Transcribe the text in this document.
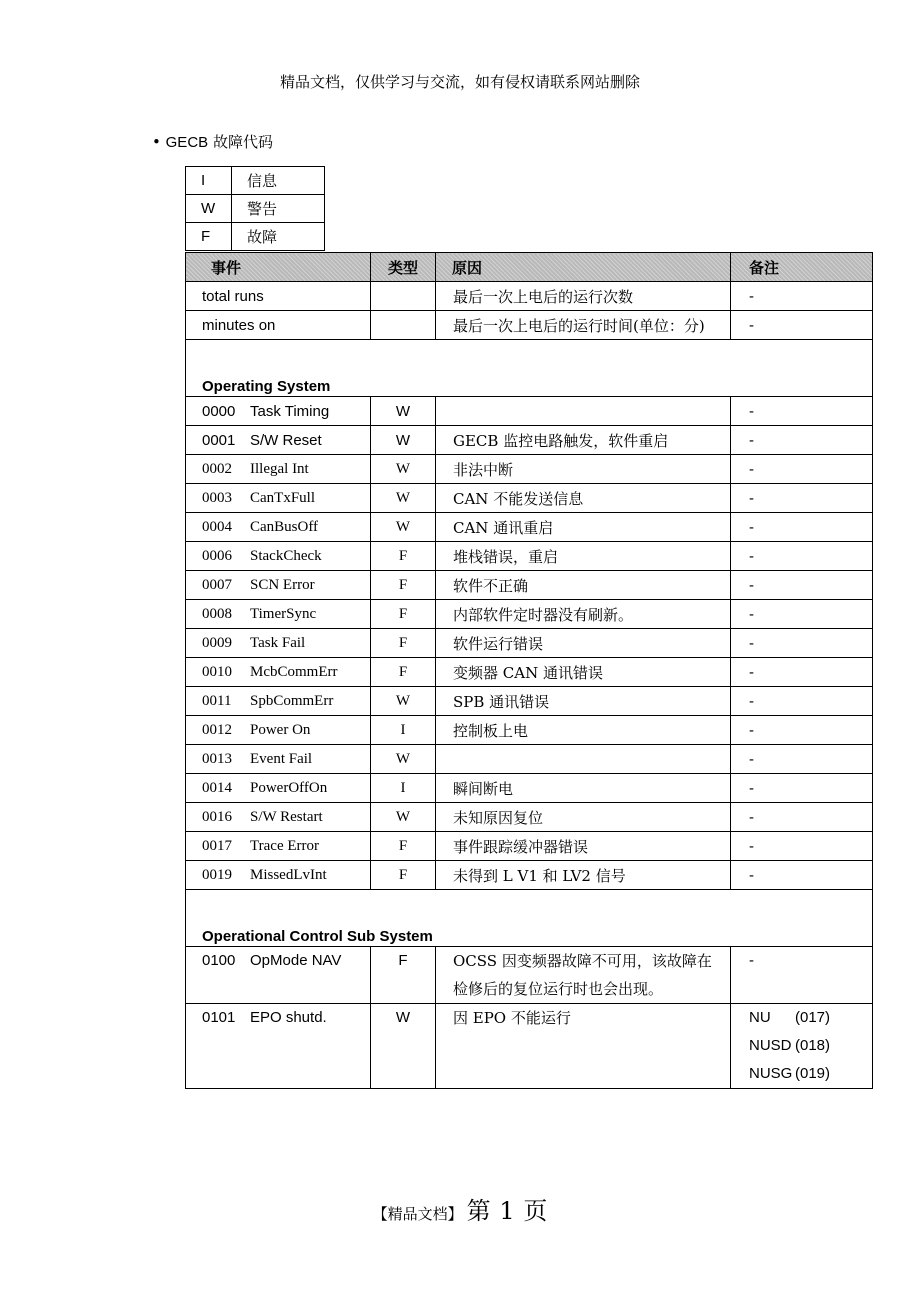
精品文档，仅供学习与交流，如有侵权请联系网站删除
• GECB 故障代码
I	信息
W	警告
F	故障
事件	类型	原因	备注
total runs		最后一次上电后的运行次数	-
minutes on		最后一次上电后的运行时间(单位：分)	-
Operating System			
0000 Task Timing	W		-
0001 S/W Reset	W	GECB 监控电路触发，软件重启	-
0002 Illegal Int	W	非法中断	-
0003 CanTxFull	W	CAN 不能发送信息	-
0004 CanBusOff	W	CAN 通讯重启	-
0006 StackCheck	F	堆栈错误，重启	-
0007 SCN Error	F	软件不正确	-
0008 TimerSync	F	内部软件定时器没有刷新。	-
0009 Task Fail	F	软件运行错误	-
0010 McbCommErr	F	变频器 CAN 通讯错误	-
0011 SpbCommErr	W	SPB 通讯错误	-
0012 Power On	I	控制板上电	-
0013 Event Fail	W		-
0014 PowerOffOn	I	瞬间断电	-
0016 S/W Restart	W	未知原因复位	-
0017 Trace Error	F	事件跟踪缓冲器错误	-
0019 MissedLvInt	F	未得到 L V1 和 LV2 信号	-
Operational Control Sub System			
0100 OpMode NAV	F	OCSS 因变频器故障不可用，该故障在
检修后的复位运行时也会出现。	-
0101 EPO shutd.	W	因 EPO 不能运行	NU (017)
NUSD (018)
NUSG (019)
【精品文档】 第 1 页
